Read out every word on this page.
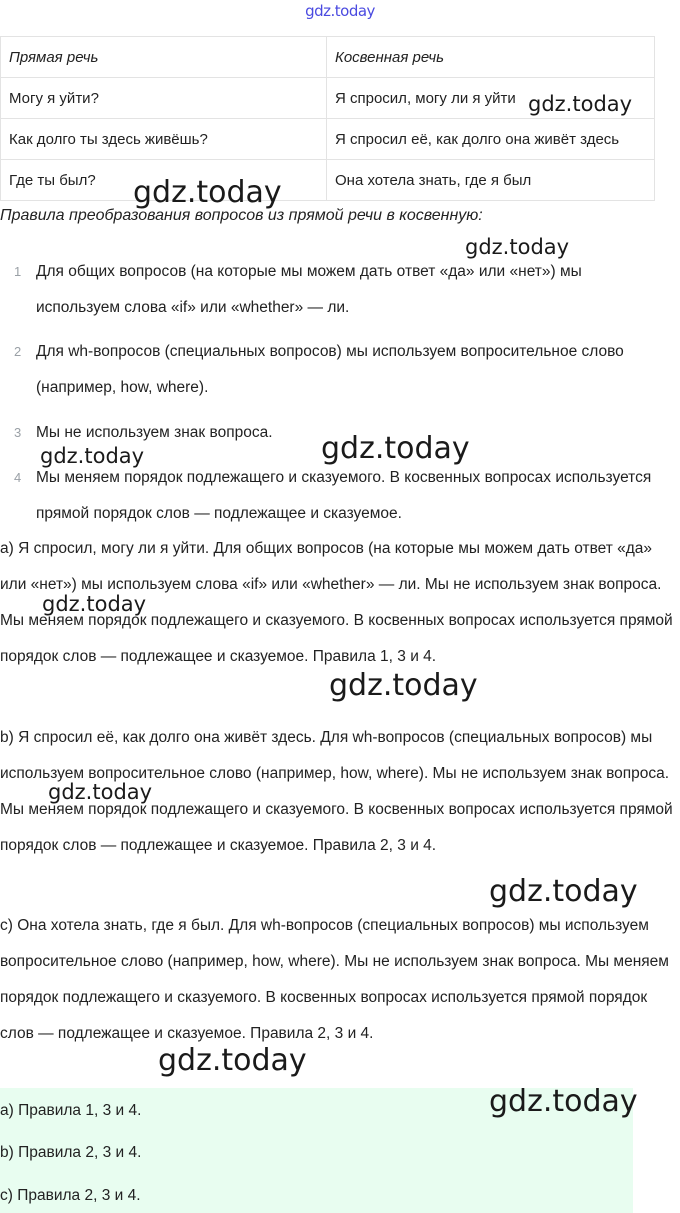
gdz.today
Прямая речь	Косвенная речь
Могу я уйти?	Я спросил, могу ли я уйти
Как долго ты здесь живёшь?	Я спросил её, как долго она живёт здесь
Где ты был?	Она хотела знать, где я был
Правила преобразования вопросов из прямой речи в косвенную:
1 Для общих вопросов (на которые мы можем дать ответ «да» или «нет») мы используем слова «if» или «whether» — ли.
2 Для wh-вопросов (специальных вопросов) мы используем вопросительное слово (например, how, where).
3 Мы не используем знак вопроса.
4 Мы меняем порядок подлежащего и сказуемого. В косвенных вопросах используется прямой порядок слов — подлежащее и сказуемое.
a) Я спросил, могу ли я уйти. Для общих вопросов (на которые мы можем дать ответ «да» или «нет») мы используем слова «if» или «whether» — ли. Мы не используем знак вопроса. Мы меняем порядок подлежащего и сказуемого. В косвенных вопросах используется прямой порядок слов — подлежащее и сказуемое. Правила 1, 3 и 4.
b) Я спросил её, как долго она живёт здесь. Для wh-вопросов (специальных вопросов) мы используем вопросительное слово (например, how, where). Мы не используем знак вопроса. Мы меняем порядок подлежащего и сказуемого. В косвенных вопросах используется прямой порядок слов — подлежащее и сказуемое. Правила 2, 3 и 4.
c) Она хотела знать, где я был. Для wh-вопросов (специальных вопросов) мы используем вопросительное слово (например, how, where). Мы не используем знак вопроса. Мы меняем порядок подлежащего и сказуемого. В косвенных вопросах используется прямой порядок слов — подлежащее и сказуемое. Правила 2, 3 и 4.
a) Правила 1, 3 и 4.
b) Правила 2, 3 и 4.
c) Правила 2, 3 и 4.
gdz.today
gdz.today
gdz.today
gdz.today
gdz.today
gdz.today
gdz.today
gdz.today
gdz.today
gdz.today
gdz.today
